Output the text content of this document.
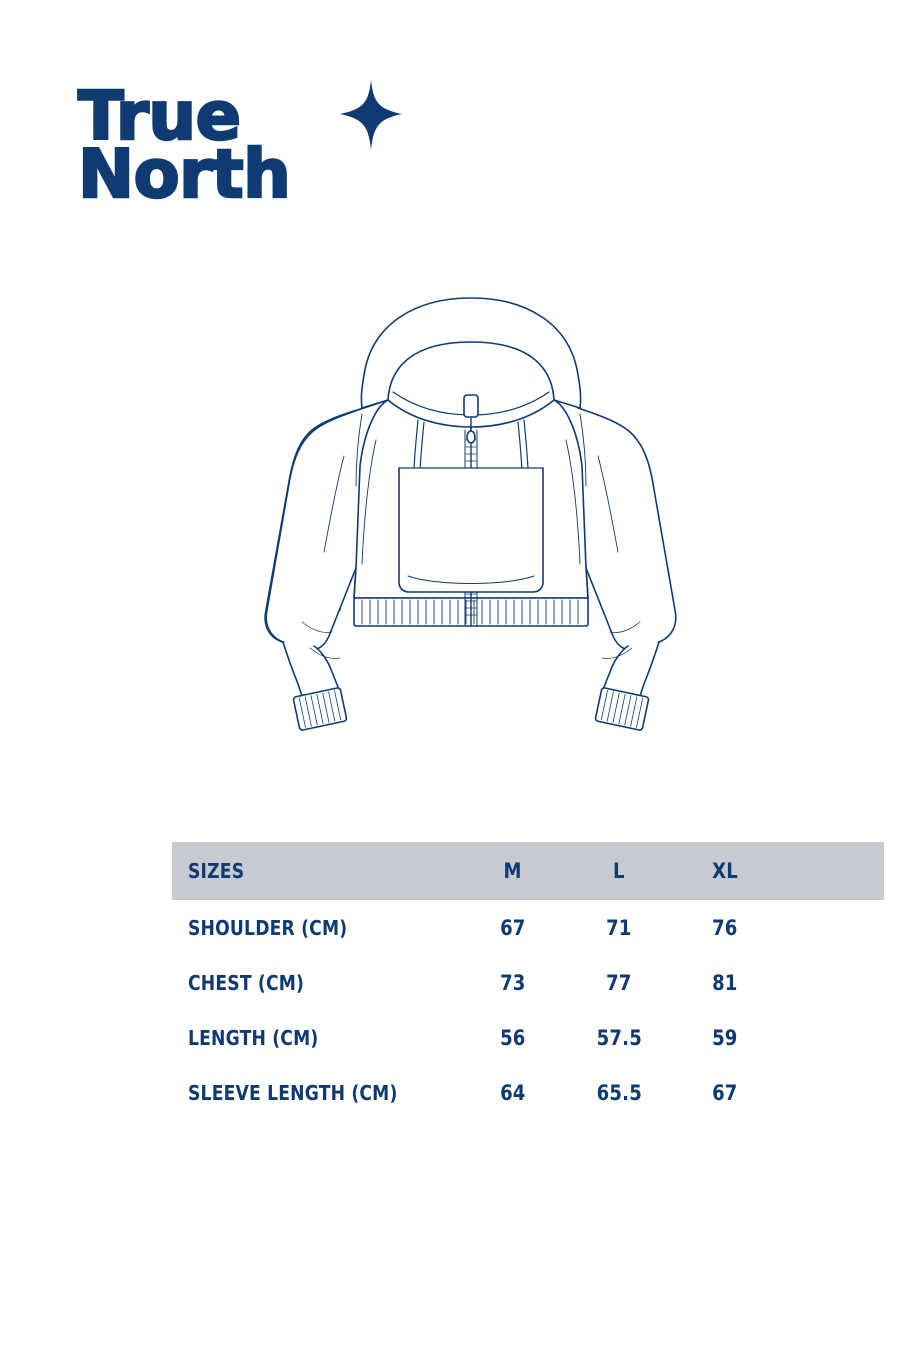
True
North
SIZES	M	L	XL	
SHOULDER (CM)	67	71	76	
CHEST (CM)	73	77	81	
LENGTH (CM)	56	57.5	59	
SLEEVE LENGTH (CM)	64	65.5	67	
